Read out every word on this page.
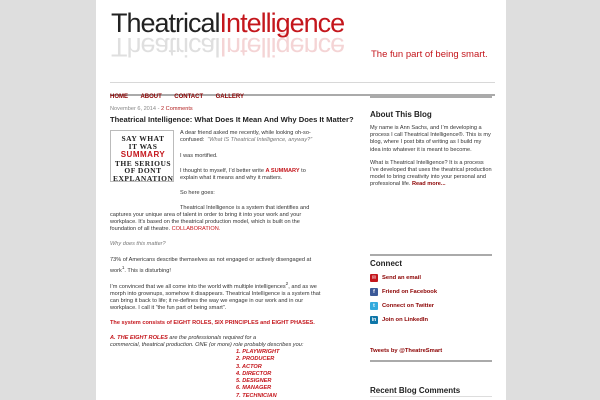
TheatricalIntelligence
TheatricalIntelligence	The fun part of being smart.
HOME ABOUT CONTACT GALLERY
November 6, 2014 - 2 Comments
Theatrical Intelligence: What Does It Mean And Why Does It Matter?
SAY WHAT
IT WAS
SUMMARY
THE SERIOUS
OF DONT
EXPLANATION
A dear friend asked me recently, while looking oh-so-
confused: “What IS Theatrical Intelligence, anyway?”
I was mortified.
I thought to myself, I’d better write A SUMMARY to
explain what it means and why it matters.
So here goes:
Theatrical Intelligence is a system that identifies and
captures your unique area of talent in order to bring it into your work and your
workplace. It’s based on the theatrical production model, which is built on the
foundation of all theatre. COLLABORATION.
Why does this matter?
73% of Americans describe themselves as not engaged or actively disengaged at
work$^1$. This is disturbing!
I’m convinced that we all come into the world with multiple intelligences$^2$, and as we
morph into grownups, somehow it disappears. Theatrical Intelligence is a system that
can bring it back to life; it re-defines the way we engage in our work and in our
workplace. I call it “the fun part of being smart”.
The system consists of EIGHT ROLES, SIX PRINCIPLES and EIGHT PHASES.
A. THE EIGHT ROLES are the professionals required for a
commercial, theatrical production. ONE (or more) role probably describes you:
1. PLAYWRIGHT
2. PRODUCER
3. ACTOR
4. DIRECTOR
5. DESIGNER
6. MANAGER
7. TECHNICIAN
About This Blog
My name is Ann Sachs, and I’m developing a process I call Theatrical Intelligence®. This is my blog, where I post bits of writing as I build my idea into whatever it is meant to become.
What is Theatrical Intelligence? It is a process I’ve developed that uses the theatrical production model to bring creativity into your personal and professional life. Read more...
Connect
✉	Send an email
f	Friend on Facebook
t	Connect on Twitter
in Join on LinkedIn
Tweets by @TheatreSmart
Recent Blog Comments
